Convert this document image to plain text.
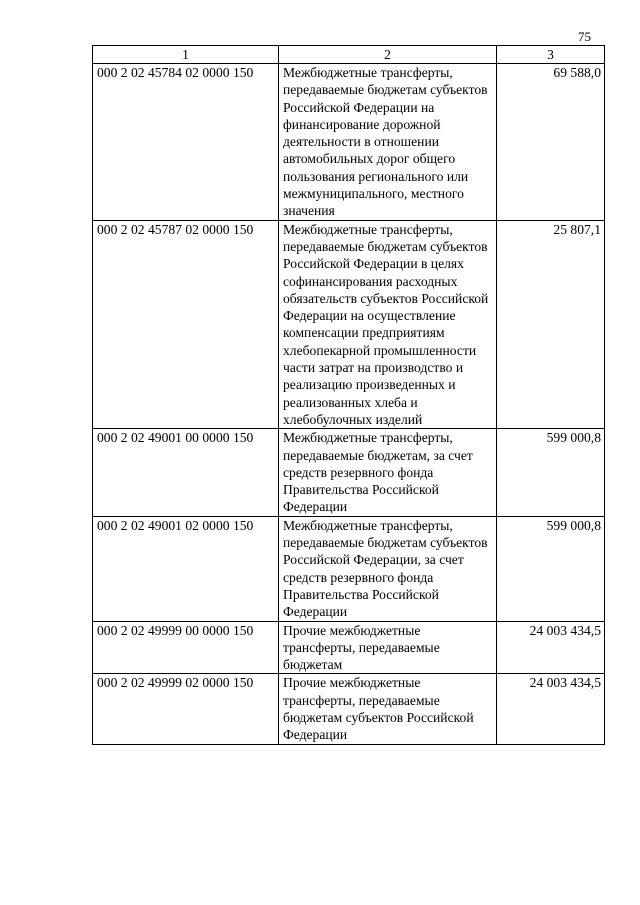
75
1	2	3
000 2 02 45784 02 0000 150	Межбюджетные трансферты, передаваемые бюджетам субъектов Российской Федерации на финансирование дорожной деятельности в отношении автомобильных дорог общего пользования регионального или межмуниципального, местного значения	69 588,0
000 2 02 45787 02 0000 150	Межбюджетные трансферты, передаваемые бюджетам субъектов Российской Федерации в целях софинансирования расходных обязательств субъектов Российской Федерации на осуществление компенсации предприятиям хлебопекарной промышленности части затрат на производство и реализацию произведенных и реализованных хлеба и хлебобулочных изделий	25 807,1
000 2 02 49001 00 0000 150	Межбюджетные трансферты, передаваемые бюджетам, за счет средств резервного фонда Правительства Российской Федерации	599 000,8
000 2 02 49001 02 0000 150	Межбюджетные трансферты, передаваемые бюджетам субъектов Российской Федерации, за счет средств резервного фонда Правительства Российской Федерации	599 000,8
000 2 02 49999 00 0000 150	Прочие межбюджетные трансферты, передаваемые бюджетам	24 003 434,5
000 2 02 49999 02 0000 150	Прочие межбюджетные трансферты, передаваемые бюджетам субъектов Российской Федерации	24 003 434,5
